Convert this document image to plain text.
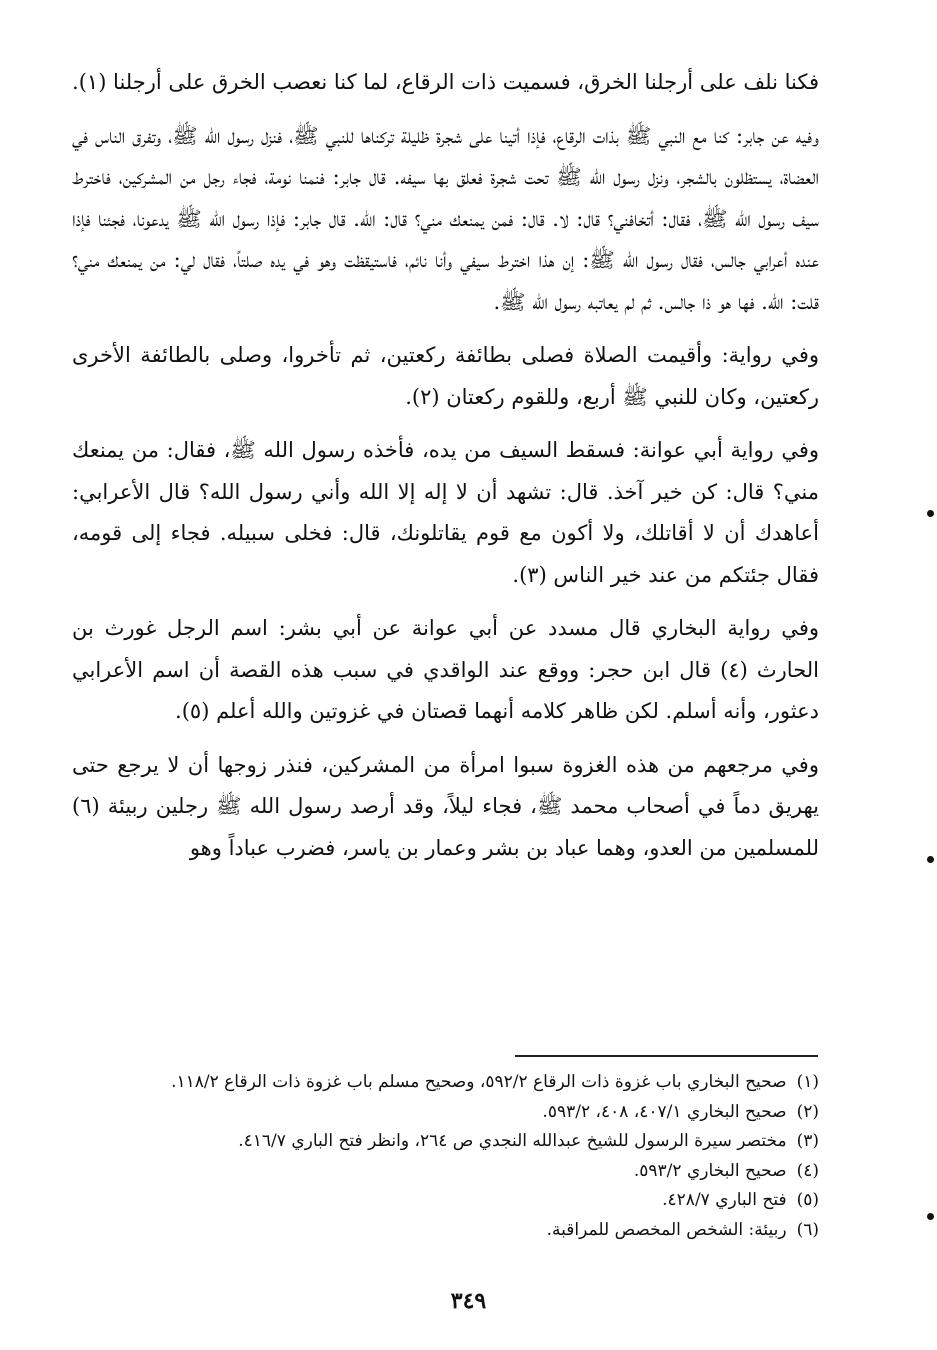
فكنا نلف على أرجلنا الخرق، فسميت ذات الرقاع، لما كنا نعصب الخرق على أرجلنا (١).

وفيه عن جابر: كنا مع النبي ﷺ بذات الرقاع، فإذا أتينا على شجرة ظليلة تركناها للنبي ﷺ، فنزل رسول الله ﷺ، وتفرق الناس في العضاة، يستظلون بالشجر، ونزل رسول الله ﷺ تحت شجرة فعلق بها سيفه. قال جابر: فنمنا نومة، فجاء رجل من المشركين، فاخترط سيف رسول الله ﷺ، فقال: أتخافني؟ قال: لا. قال: فمن يمنعك مني؟ قال: الله. قال جابر: فإذا رسول الله ﷺ يدعونا، فجئنا فإذا عنده أعرابي جالس، فقال رسول الله ﷺ: إن هذا اخترط سيفي وأنا نائم، فاستيقظت وهو في يده صلتاً، فقال لي: من يمنعك مني؟ قلت: الله. فها هو ذا جالس. ثم لم يعاتبه رسول الله ﷺ.

وفي رواية: وأقيمت الصلاة فصلى بطائفة ركعتين، ثم تأخروا، وصلى بالطائفة الأخرى ركعتين، وكان للنبي ﷺ أربع، وللقوم ركعتان (٢).

وفي رواية أبي عوانة: فسقط السيف من يده، فأخذه رسول الله ﷺ، فقال: من يمنعك مني؟ قال: كن خير آخذ. قال: تشهد أن لا إله إلا الله وأني رسول الله؟ قال الأعرابي: أعاهدك أن لا أقاتلك، ولا أكون مع قوم يقاتلونك، قال: فخلى سبيله. فجاء إلى قومه، فقال جئتكم من عند خير الناس (٣).

وفي رواية البخاري قال مسدد عن أبي عوانة عن أبي بشر: اسم الرجل غورث بن الحارث (٤) قال ابن حجر: ووقع عند الواقدي في سبب هذه القصة أن اسم الأعرابي دعثور، وأنه أسلم. لكن ظاهر كلامه أنهما قصتان في غزوتين والله أعلم (٥).

وفي مرجعهم من هذه الغزوة سبوا امرأة من المشركين، فنذر زوجها أن لا يرجع حتى يهريق دماً في أصحاب محمد ﷺ، فجاء ليلاً، وقد أرصد رسول الله ﷺ رجلين ربيئة (٦) للمسلمين من العدو، وهما عباد بن بشر وعمار بن ياسر، فضرب عباداً وهو

(١)
صحيح البخاري باب غزوة ذات الرقاع ٥٩٢/٢، وصحيح مسلم باب غزوة ذات الرقاع ١١٨/٢.
(٢)
صحيح البخاري ٤٠٧/١، ٤٠٨، ٥٩٣/٢.
(٣)
مختصر سيرة الرسول للشيخ عبدالله النجدي ص ٢٦٤، وانظر فتح الباري ٤١٦/٧.
(٤)
صحيح البخاري ٥٩٣/٢.
(٥)
فتح الباري ٤٢٨/٧.
(٦)
ربيئة: الشخص المخصص للمراقبة.
٣٤٩
